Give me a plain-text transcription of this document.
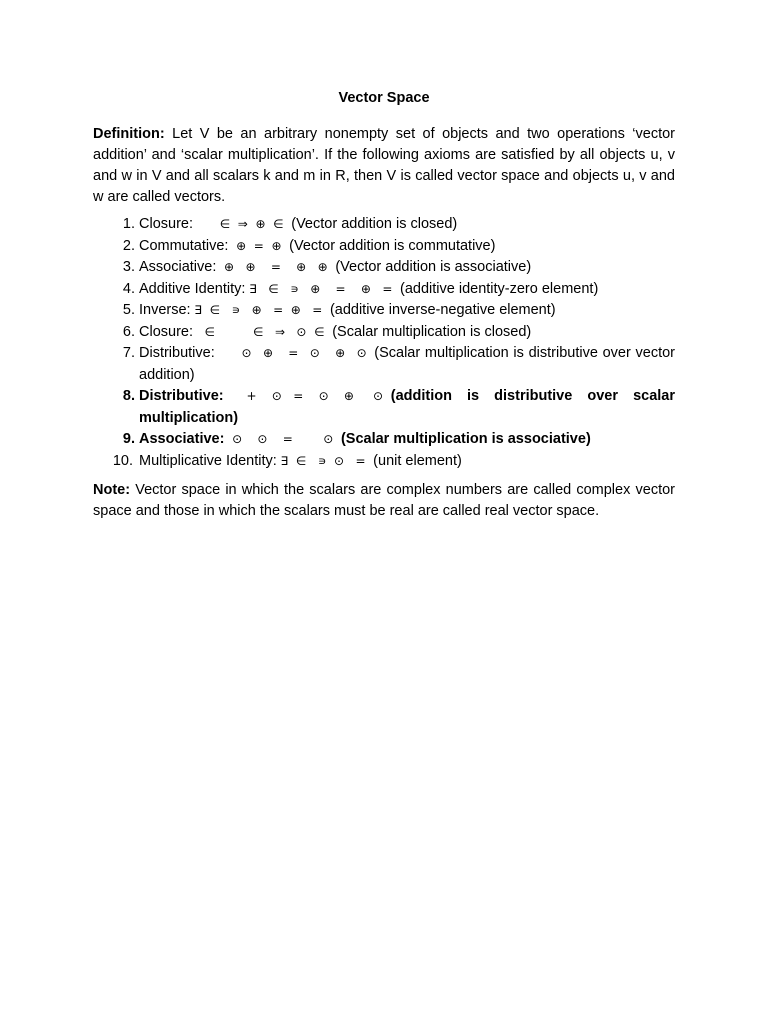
Vector Space

Definition: Let V be an arbitrary nonempty set of objects and two operations ‘vector addition’ and ‘scalar multiplication’. If the following axioms are satisfied by all objects u, v and w in V and all scalars k and m in R, then V is called vector space and objects u, v and w are called vectors.

1. Closure:       ∈  ⇒  ⊕  ∈  (Vector addition is closed)
2. Commutative:  ⊕  =  ⊕  (Vector addition is commutative)
3. Associative:  ⊕   ⊕    =    ⊕   ⊕  (Vector addition is associative)
4. Additive Identity: ∃   ∈   ∍   ⊕    =    ⊕   =  (additive identity-zero element)
5. Inverse: ∃  ∈   ∍   ⊕   =  ⊕   =  (additive inverse-negative element)
6. Closure:   ∈          ∈   ⇒   ⊙  ∈  (Scalar multiplication is closed)
7. Distributive:       ⊙   ⊕    =   ⊙    ⊕   ⊙  (Scalar multiplication is distributive over vector addition)
8. Distributive:      +    ⊙   =    ⊙    ⊕     ⊙  (addition is distributive over scalar multiplication)
9. Associative:  ⊙    ⊙    =        ⊙  (Scalar multiplication is associative)
10. Multiplicative Identity: ∃  ∈   ∍  ⊙   =  (unit element)

Note: Vector space in which the scalars are complex numbers are called complex vector space and those in which the scalars must be real are called real vector space.
